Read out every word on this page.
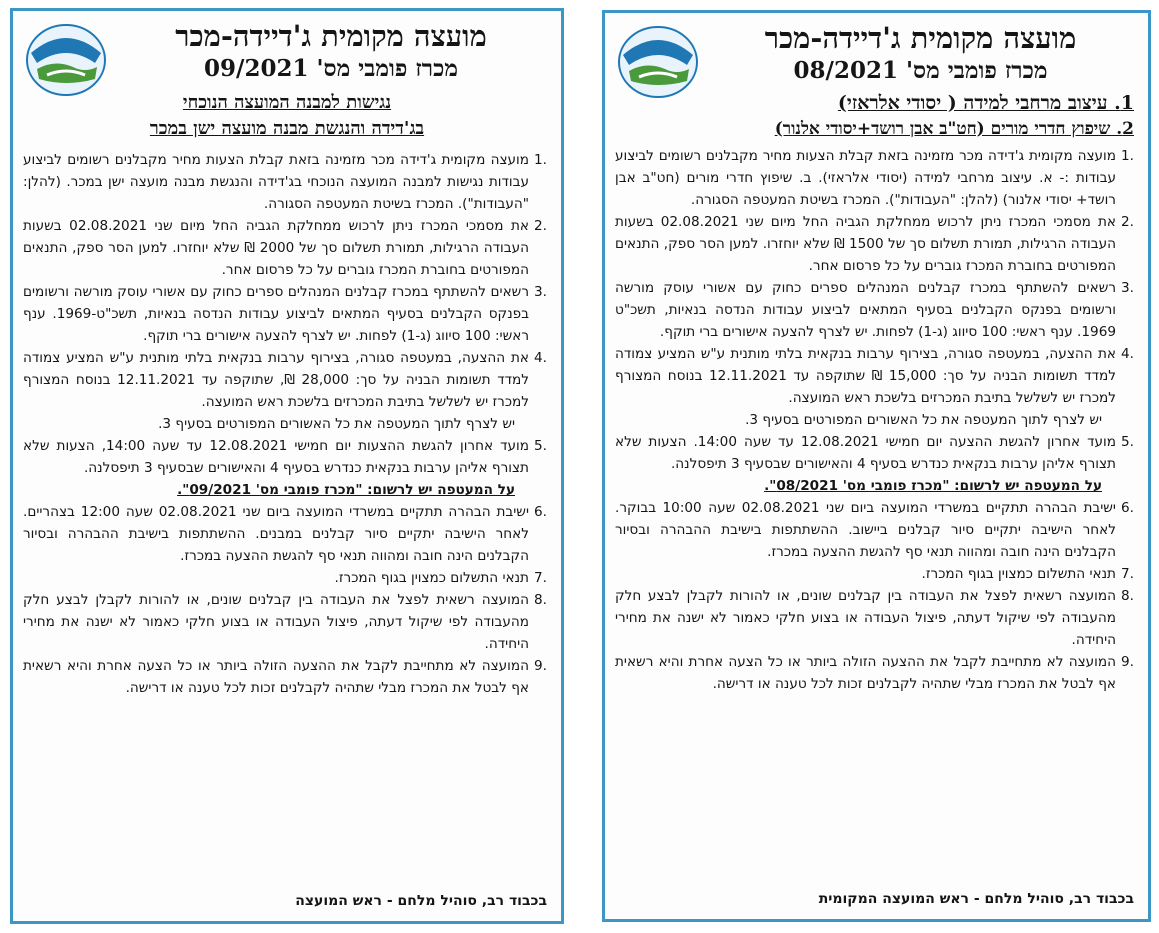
מועצה מקומית ג'דיידה-מכר
מכרז פומבי מס' 09/2021
נגישות למבנה המועצה הנוכחי
בג'דידה והנגשת מבנה מועצה ישן במכר
.1
מועצה מקומית ג'דידה מכר מזמינה בזאת קבלת הצעות מחיר מקבלנים רשומים לביצוע עבודות נגישות למבנה המועצה הנוכחי בג'דידה והנגשת מבנה מועצה ישן במכר. (להלן: "העבודות"). המכרז בשיטת המעטפה הסגורה.
.2
את מסמכי המכרז ניתן לרכוש ממחלקת הגביה החל מיום שני 02.08.2021 בשעות העבודה הרגילות, תמורת תשלום סך של 2000 ₪ שלא יוחזרו. למען הסר ספק, התנאים המפורטים בחוברת המכרז גוברים על כל פרסום אחר.
.3
רשאים להשתתף במכרז קבלנים המנהלים ספרים כחוק עם אשורי עוסק מורשה ורשומים בפנקס הקבלנים בסעיף המתאים לביצוע עבודות הנדסה בנאיות, תשכ"ט-1969. ענף ראשי: 100 סיווג (ג-1) לפחות. יש לצרף להצעה אישורים ברי תוקף.
.4
את ההצעה, במעטפה סגורה, בצירוף ערבות בנקאית בלתי מותנית ע"ש המציע צמודה למדד תשומות הבניה על סך: 28,000 ₪, שתוקפה עד 12.11.2021 בנוסח המצורף למכרז יש לשלשל בתיבת המכרזים בלשכת ראש המועצה.
יש לצרף לתוך המעטפה את כל האשורים המפורטים בסעיף 3.
.5
מועד אחרון להגשת ההצעות יום חמישי 12.08.2021 עד שעה 14:00, הצעות שלא תצורף אליהן ערבות בנקאית כנדרש בסעיף 4 והאישורים שבסעיף 3 תיפסלנה.
על המעטפה יש לרשום: "מכרז פומבי מס' 09/2021".
.6
ישיבת הבהרה תתקיים במשרדי המועצה ביום שני 02.08.2021 שעה 12:00 בצהריים. לאחר הישיבה יתקיים סיור קבלנים במבנים. ההשתתפות בישיבת ההבהרה ובסיור הקבלנים הינה חובה ומהווה תנאי סף להגשת ההצעה במכרז.
.7
תנאי התשלום כמצוין בגוף המכרז.
.8
המועצה רשאית לפצל את העבודה בין קבלנים שונים, או להורות לקבלן לבצע חלק מהעבודה לפי שיקול דעתה, פיצול העבודה או בצוע חלקי כאמור לא ישנה את מחירי היחידה.
.9
המועצה לא מתחייבת לקבל את ההצעה הזולה ביותר או כל הצעה אחרת והיא רשאית אף לבטל את המכרז מבלי שתהיה לקבלנים זכות לכל טענה או דרישה.
בכבוד רב, סוהיל מלחם - ראש המועצה
מועצה מקומית ג'דיידה-מכר
מכרז פומבי מס' 08/2021
1. עיצוב מרחבי למידה ( יסודי אלראזי)
2. שיפוץ חדרי מורים (חט"ב אבן רושד+יסודי אלנור)
.1
מועצה מקומית ג'דידה מכר מזמינה בזאת קבלת הצעות מחיר מקבלנים רשומים לביצוע עבודות :- א. עיצוב מרחבי למידה (יסודי אלראזי). ב. שיפוץ חדרי מורים (חט"ב אבן רושד+ יסודי אלנור) (להלן: "העבודות"). המכרז בשיטת המעטפה הסגורה.
.2
את מסמכי המכרז ניתן לרכוש ממחלקת הגביה החל מיום שני 02.08.2021 בשעות העבודה הרגילות, תמורת תשלום סך של 1500 ₪ שלא יוחזרו. למען הסר ספק, התנאים המפורטים בחוברת המכרז גוברים על כל פרסום אחר.
.3
רשאים להשתתף במכרז קבלנים המנהלים ספרים כחוק עם אשורי עוסק מורשה ורשומים בפנקס הקבלנים בסעיף המתאים לביצוע עבודות הנדסה בנאיות, תשכ"ט 1969. ענף ראשי: 100 סיווג (ג-1) לפחות. יש לצרף להצעה אישורים ברי תוקף.
.4
את ההצעה, במעטפה סגורה, בצירוף ערבות בנקאית בלתי מותנית ע"ש המציע צמודה למדד תשומות הבניה על סך: 15,000 ₪ שתוקפה עד 12.11.2021 בנוסח המצורף למכרז יש לשלשל בתיבת המכרזים בלשכת ראש המועצה.
יש לצרף לתוך המעטפה את כל האשורים המפורטים בסעיף 3.
.5
מועד אחרון להגשת ההצעה יום חמישי 12.08.2021 עד שעה 14:00. הצעות שלא תצורף אליהן ערבות בנקאית כנדרש בסעיף 4 והאישורים שבסעיף 3 תיפסלנה.
על המעטפה יש לרשום: "מכרז פומבי מס' 08/2021".
.6
ישיבת הבהרה תתקיים במשרדי המועצה ביום שני 02.08.2021 שעה 10:00 בבוקר. לאחר הישיבה יתקיים סיור קבלנים ביישוב. ההשתתפות בישיבת ההבהרה ובסיור הקבלנים הינה חובה ומהווה תנאי סף להגשת ההצעה במכרז.
.7
תנאי התשלום כמצוין בגוף המכרז.
.8
המועצה רשאית לפצל את העבודה בין קבלנים שונים, או להורות לקבלן לבצע חלק מהעבודה לפי שיקול דעתה, פיצול העבודה או בצוע חלקי כאמור לא ישנה את מחירי היחידה.
.9
המועצה לא מתחייבת לקבל את ההצעה הזולה ביותר או כל הצעה אחרת והיא רשאית אף לבטל את המכרז מבלי שתהיה לקבלנים זכות לכל טענה או דרישה.
בכבוד רב, סוהיל מלחם - ראש המועצה המקומית
